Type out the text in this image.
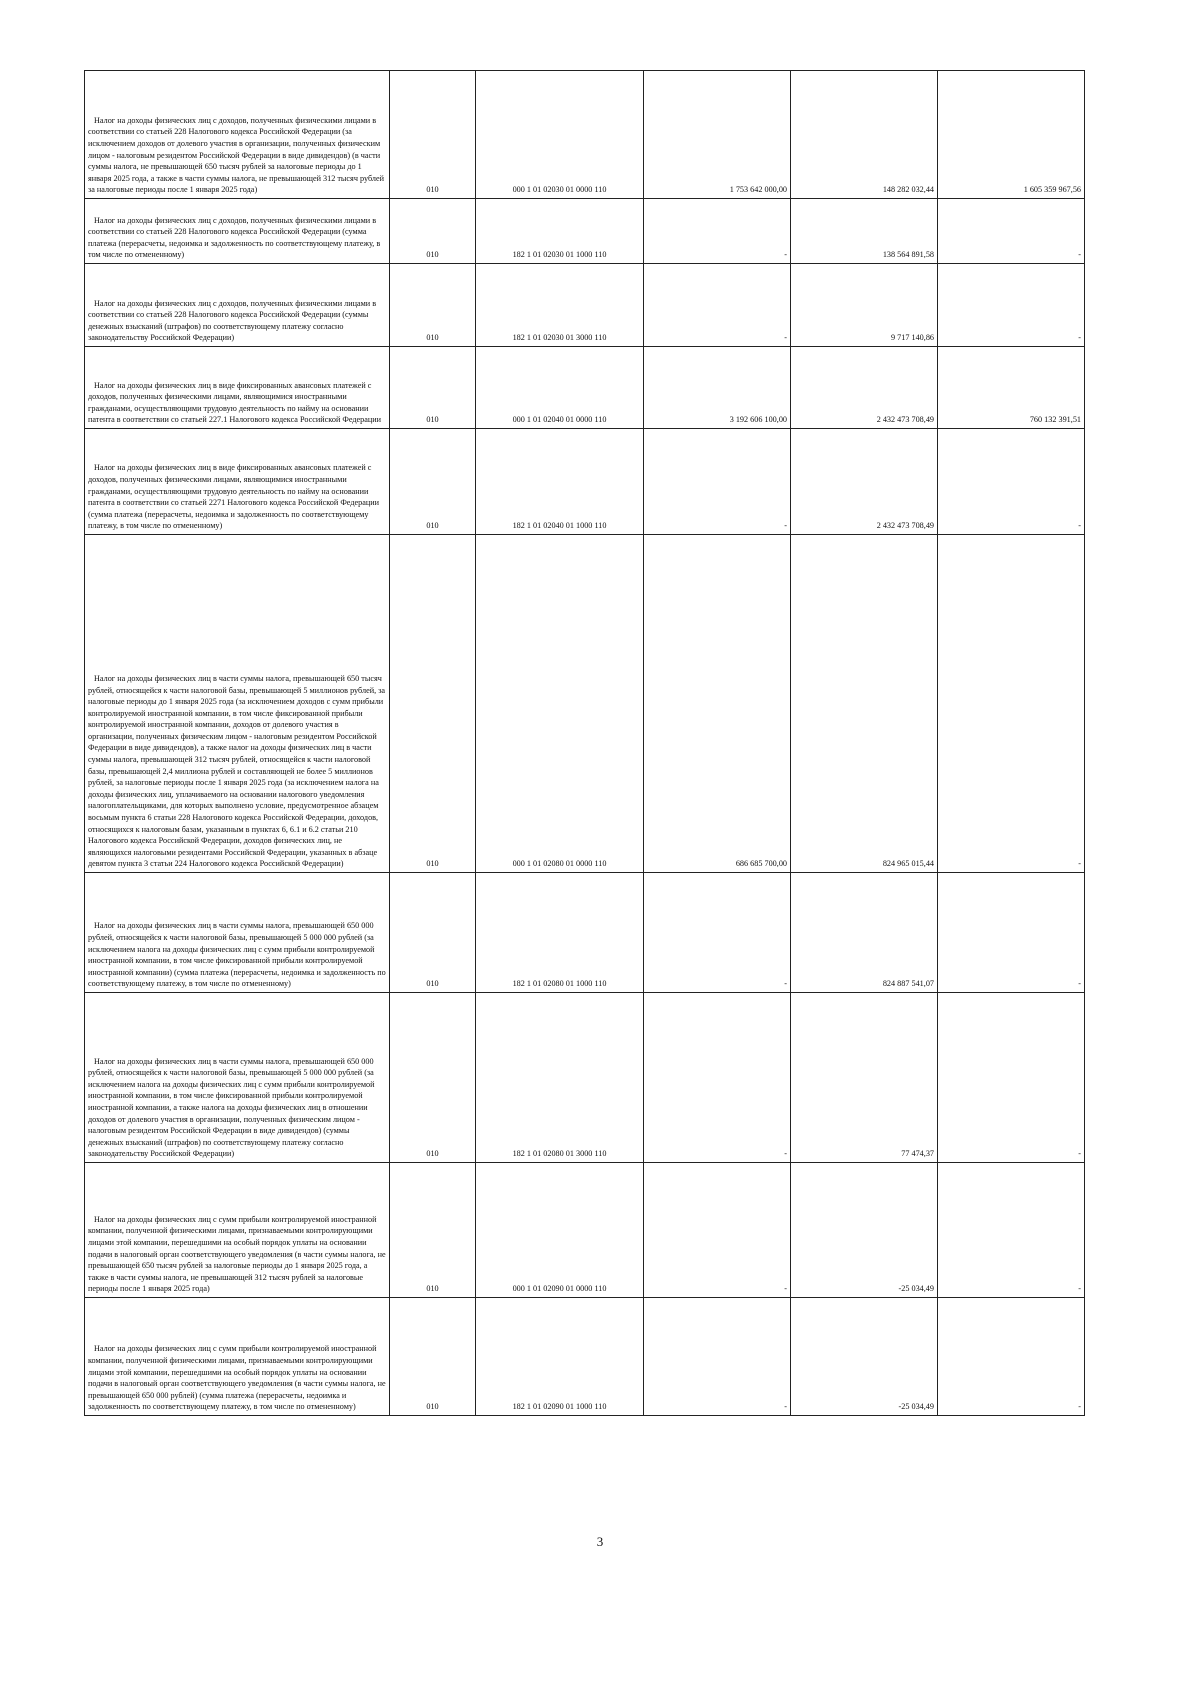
Налог на доходы физических лиц с доходов, полученных физическими лицами в соответствии со статьей 228 Налогового кодекса Российской Федерации (за исключением доходов от долевого участия в организации, полученных физическим лицом - налоговым резидентом Российской Федерации в виде дивидендов) (в части суммы налога, не превышающей 650 тысяч рублей за налоговые периоды до 1 января 2025 года, а также в части суммы налога, не превышающей 312 тысяч рублей за налоговые периоды после 1 января 2025 года)	010	000 1 01 02030 01 0000 110	1 753 642 000,00	148 282 032,44	1 605 359 967,56

Налог на доходы физических лиц с доходов, полученных физическими лицами в соответствии со статьей 228 Налогового кодекса Российской Федерации (сумма платежа (перерасчеты, недоимка и задолженность по соответствующему платежу, в том числе по отмененному)	010	182 1 01 02030 01 1000 110	-	138 564 891,58	-

Налог на доходы физических лиц с доходов, полученных физическими лицами в соответствии со статьей 228 Налогового кодекса Российской Федерации (суммы денежных взысканий (штрафов) по соответствующему платежу согласно законодательству Российской Федерации)	010	182 1 01 02030 01 3000 110	-	9 717 140,86	-

Налог на доходы физических лиц в виде фиксированных авансовых платежей с доходов, полученных физическими лицами, являющимися иностранными гражданами, осуществляющими трудовую деятельность по найму на основании патента в соответствии со статьей 227.1 Налогового кодекса Российской Федерации	010	000 1 01 02040 01 0000 110	3 192 606 100,00	2 432 473 708,49	760 132 391,51

Налог на доходы физических лиц в виде фиксированных авансовых платежей с доходов, полученных физическими лицами, являющимися иностранными гражданами, осуществляющими трудовую деятельность по найму на основании патента в соответствии со статьей 2271 Налогового кодекса Российской Федерации (сумма платежа (перерасчеты, недоимка и задолженность по соответствующему платежу, в том числе по отмененному)	010	182 1 01 02040 01 1000 110	-	2 432 473 708,49	-

Налог на доходы физических лиц в части суммы налога, превышающей 650 тысяч рублей, относящейся к части налоговой базы, превышающей 5 миллионов рублей, за налоговые периоды до 1 января 2025 года (за исключением доходов с сумм прибыли контролируемой иностранной компании, в том числе фиксированной прибыли контролируемой иностранной компании, доходов от долевого участия в организации, полученных физическим лицом - налоговым резидентом Российской Федерации в виде дивидендов), а также налог на доходы физических лиц в части суммы налога, превышающей 312 тысяч рублей, относящейся к части налоговой базы, превышающей 2,4 миллиона рублей и составляющей не более 5 миллионов рублей, за налоговые периоды после 1 января 2025 года (за исключением налога на доходы физических лиц, уплачиваемого на основании налогового уведомления налогоплательщиками, для которых выполнено условие, предусмотренное абзацем восьмым пункта 6 статьи 228 Налогового кодекса Российской Федерации, доходов, относящихся к налоговым базам, указанным в пунктах 6, 6.1 и 6.2 статьи 210 Налогового кодекса Российской Федерации, доходов физических лиц, не являющихся налоговыми резидентами Российской Федерации, указанных в абзаце девятом пункта 3 статьи 224 Налогового кодекса Российской Федерации)	010	000 1 01 02080 01 0000 110	686 685 700,00	824 965 015,44	-

Налог на доходы физических лиц в части суммы налога, превышающей 650 000 рублей, относящейся к части налоговой базы, превышающей 5 000 000 рублей (за исключением налога на доходы физических лиц с сумм прибыли контролируемой иностранной компании, в том числе фиксированной прибыли контролируемой иностранной компании) (сумма платежа (перерасчеты, недоимка и задолженность по соответствующему платежу, в том числе по отмененному)	010	182 1 01 02080 01 1000 110	-	824 887 541,07	-

Налог на доходы физических лиц в части суммы налога, превышающей 650 000 рублей, относящейся к части налоговой базы, превышающей 5 000 000 рублей (за исключением налога на доходы физических лиц с сумм прибыли контролируемой иностранной компании, в том числе фиксированной прибыли контролируемой иностранной компании, а также налога на доходы физических лиц в отношении доходов от долевого участия в организации, полученных физическим лицом - налоговым резидентом Российской Федерации в виде дивидендов) (суммы денежных взысканий (штрафов) по соответствующему платежу согласно законодательству Российской Федерации)	010	182 1 01 02080 01 3000 110	-	77 474,37	-

Налог на доходы физических лиц с сумм прибыли контролируемой иностранной компании, полученной физическими лицами, признаваемыми контролирующими лицами этой компании, перешедшими на особый порядок уплаты на основании подачи в налоговый орган соответствующего уведомления (в части суммы налога, не превышающей 650 тысяч рублей за налоговые периоды до 1 января 2025 года, а также в части суммы налога, не превышающей 312 тысяч рублей за налоговые периоды после 1 января 2025 года)	010	000 1 01 02090 01 0000 110	-	-25 034,49	-

Налог на доходы физических лиц с сумм прибыли контролируемой иностранной компании, полученной физическими лицами, признаваемыми контролирующими лицами этой компании, перешедшими на особый порядок уплаты на основании подачи в налоговый орган соответствующего уведомления (в части суммы налога, не превышающей 650 000 рублей) (сумма платежа (перерасчеты, недоимка и задолженность по соответствующему платежу, в том числе по отмененному)	010	182 1 01 02090 01 1000 110	-	-25 034,49	-
3
